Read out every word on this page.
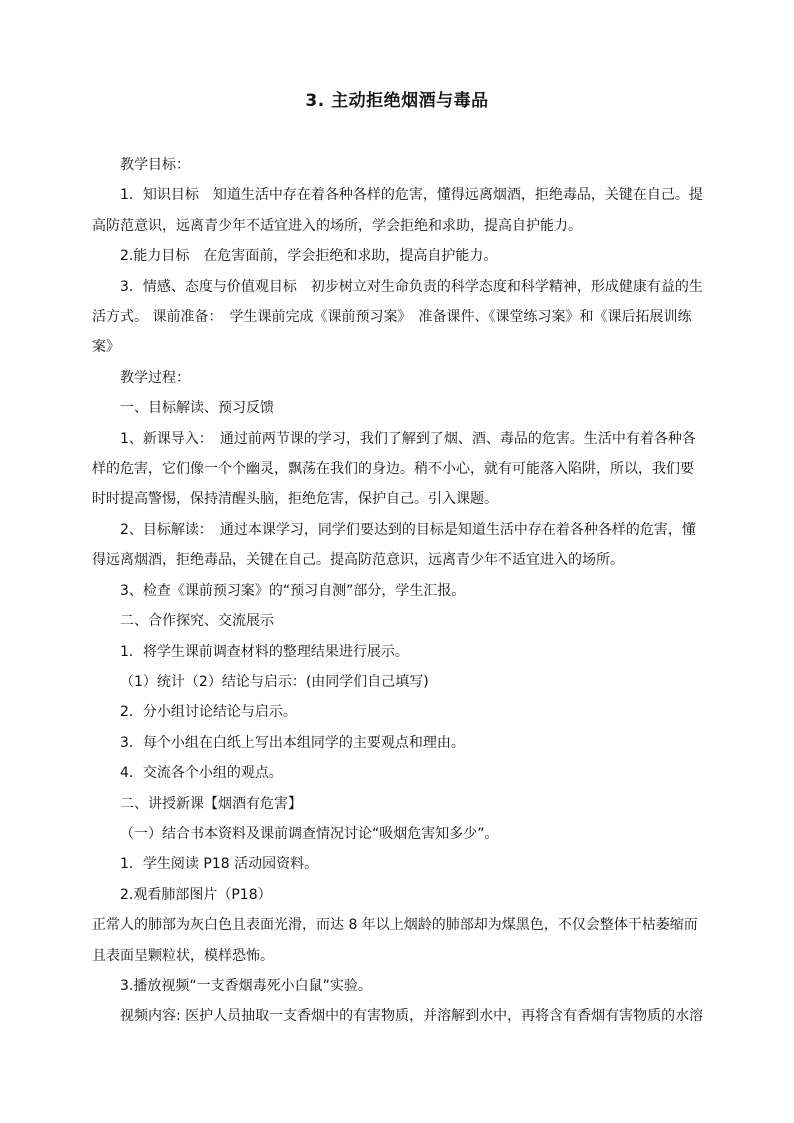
3. 主动拒绝烟酒与毒品

教学目标：

1．知识目标　知道生活中存在着各种各样的危害，懂得远离烟酒，拒绝毒品，关键在自己。提高防范意识，远离青少年不适宜进入的场所，学会拒绝和求助，提高自护能力。

2.能力目标　在危害面前，学会拒绝和求助，提高自护能力。

3．情感、态度与价值观目标　初步树立对生命负责的科学态度和科学精神，形成健康有益的生活方式。 课前准备：　学生课前完成《课前预习案》　准备课件、《课堂练习案》和《课后拓展训练案》

教学过程：

一、目标解读、预习反馈

1、新课导入：　通过前两节课的学习，我们了解到了烟、酒、毒品的危害。生活中有着各种各样的危害，它们像一个个幽灵，飘荡在我们的身边。稍不小心，就有可能落入陷阱，所以，我们要时时提高警惕，保持清醒头脑，拒绝危害，保护自己。引入课题。

2、目标解读：　通过本课学习，同学们要达到的目标是知道生活中存在着各种各样的危害，懂得远离烟酒，拒绝毒品，关键在自己。提高防范意识，远离青少年不适宜进入的场所。

3、检查《课前预习案》的“预习自测”部分，学生汇报。

二、合作探究、交流展示

1．将学生课前调查材料的整理结果进行展示。

（1）统计（2）结论与启示：(由同学们自己填写)

2．分小组讨论结论与启示。

3．每个小组在白纸上写出本组同学的主要观点和理由。

4．交流各个小组的观点。

二、讲授新课【烟酒有危害】

（一）结合书本资料及课前调查情况讨论“吸烟危害知多少”。

1．学生阅读 P18 活动园资料。

2.观看肺部图片（P18）

正常人的肺部为灰白色且表面光滑，而达 8 年以上烟龄的肺部却为煤黑色，不仅会整体干枯萎缩而且表面呈颗粒状，模样恐怖。

3.播放视频“一支香烟毒死小白鼠”实验。

视频内容: 医护人员抽取一支香烟中的有害物质，并溶解到水中，再将含有香烟有害物质的水溶
